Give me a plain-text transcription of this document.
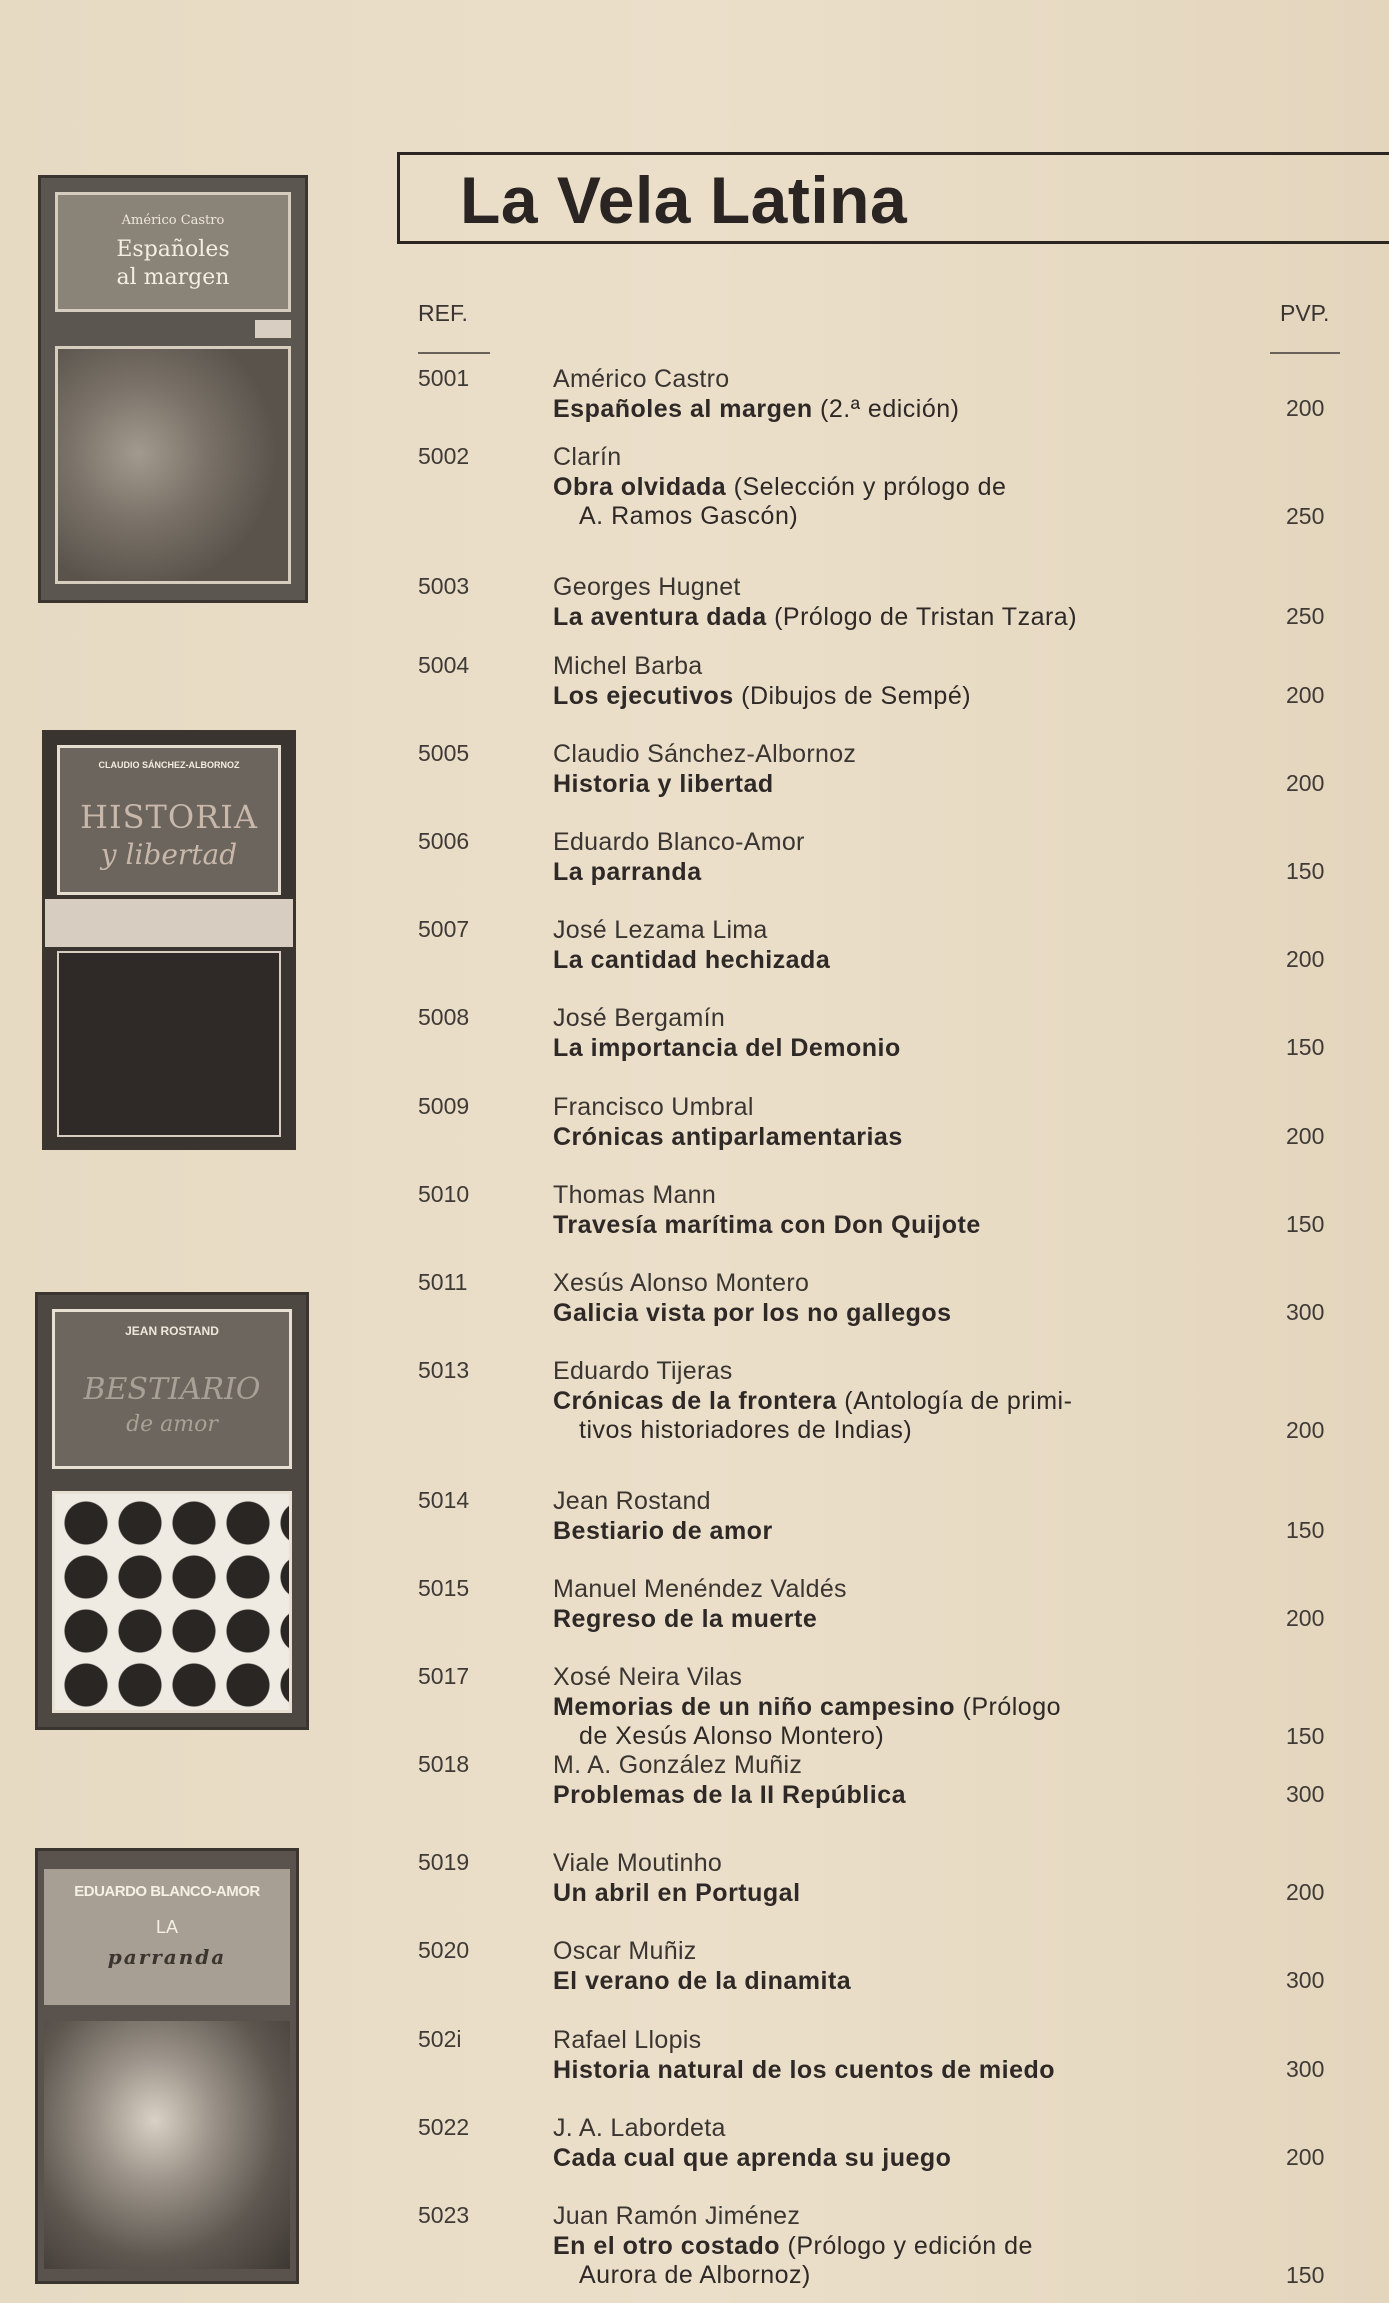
Américo Castro
Españoles
al margen
CLAUDIO SÁNCHEZ-ALBORNOZ
HISTORIA
y libertad
JEAN ROSTAND
BESTIARIO
de amor
EDUARDO BLANCO-AMOR
LA
parranda
La Vela Latina
REF.	PVP.
5001	Américo Castro
Españoles al margen (2.ª edición)	200
5002	Clarín
Obra olvidada (Selección y prólogo de
A. Ramos Gascón)	250
5003	Georges Hugnet
La aventura dada (Prólogo de Tristan Tzara)	250
5004	Michel Barba
Los ejecutivos (Dibujos de Sempé)	200
5005	Claudio Sánchez-Albornoz
Historia y libertad	200
5006	Eduardo Blanco-Amor
La parranda	150
5007	José Lezama Lima
La cantidad hechizada	200
5008	José Bergamín
La importancia del Demonio	150
5009	Francisco Umbral
Crónicas antiparlamentarias	200
5010	Thomas Mann
Travesía marítima con Don Quijote	150
5011	Xesús Alonso Montero
Galicia vista por los no gallegos	300
5013	Eduardo Tijeras
Crónicas de la frontera (Antología de primi-
tivos historiadores de Indias)	200
5014	Jean Rostand
Bestiario de amor	150
5015	Manuel Menéndez Valdés
Regreso de la muerte	200
5017	Xosé Neira Vilas
Memorias de un niño campesino (Prólogo
de Xesús Alonso Montero)	150
5018	M. A. González Muñiz
Problemas de la II República	300
5019	Viale Moutinho
Un abril en Portugal	200
5020	Oscar Muñiz
El verano de la dinamita	300
502i	Rafael Llopis
Historia natural de los cuentos de miedo	300
5022	J. A. Labordeta
Cada cual que aprenda su juego	200
5023	Juan Ramón Jiménez
En el otro costado (Prólogo y edición de
Aurora de Albornoz)	150
